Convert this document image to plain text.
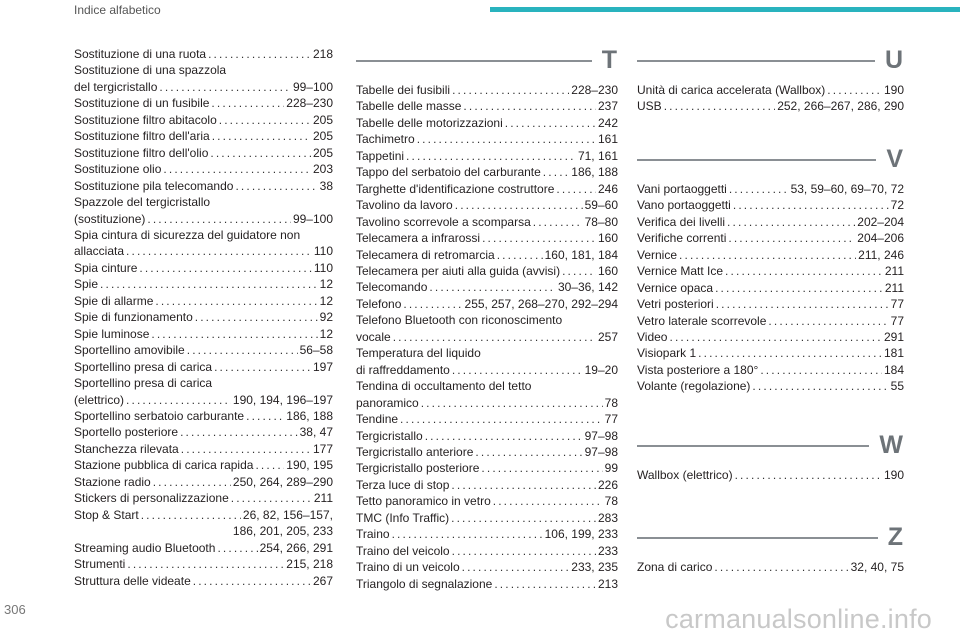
Indice alfabetico
Sostituzione di una ruota . . .	218
Sostituzione di una spazzola
del tergicristallo . . .	99–100
Sostituzione di un fusibile . . .	228–230
Sostituzione filtro abitacolo . . .	205
Sostituzione filtro dell'aria . . .	205
Sostituzione filtro dell'olio . . .	205
Sostituzione olio . . .	203
Sostituzione pila telecomando . . .	38
Spazzole del tergicristallo
(sostituzione) . . .	99–100
Spia cintura di sicurezza del guidatore non
allacciata . . .	110
Spia cinture . . .	110
Spie . . .	12
Spie di allarme . . .	12
Spie di funzionamento . . .	92
Spie luminose . . .	12
Sportellino amovibile . . .	56–58
Sportellino presa di carica . . .	197
Sportellino presa di carica
(elettrico) . . .	190, 194, 196–197
Sportellino serbatoio carburante . . .	186, 188
Sportello posteriore . . .	38, 47
Stanchezza rilevata . . .	177
Stazione pubblica di carica rapida . . .	190, 195
Stazione radio . . .	250, 264, 289–290
Stickers di personalizzazione . . .	211
Stop & Start . . .	26, 82, 156–157,
186, 201, 205, 233
Streaming audio Bluetooth . . .	254, 266, 291
Strumenti . . .	215, 218
Struttura delle videate . . .	267
T
Tabelle dei fusibili . . .	228–230
Tabelle delle masse . . .	237
Tabelle delle motorizzazioni . . .	242
Tachimetro . . .	161
Tappetini . . .	71, 161
Tappo del serbatoio del carburante . . .	186, 188
Targhette d'identificazione costruttore . . .	246
Tavolino da lavoro . . .	59–60
Tavolino scorrevole a scomparsa . . .	78–80
Telecamera a infrarossi . . .	160
Telecamera di retromarcia . . .	160, 181, 184
Telecamera per aiuti alla guida (avvisi) . . .	160
Telecomando . . .	30–36, 142
Telefono . . .	255, 257, 268–270, 292–294
Telefono Bluetooth con riconoscimento
vocale . . .	257
Temperatura del liquido
di raffreddamento . . .	19–20
Tendina di occultamento del tetto
panoramico . . .	78
Tendine . . .	77
Tergicristallo . . .	97–98
Tergicristallo anteriore . . .	97–98
Tergicristallo posteriore . . .	99
Terza luce di stop . . .	226
Tetto panoramico in vetro . . .	78
TMC (Info Traffic) . . .	283
Traino . . .	106, 199, 233
Traino del veicolo . . .	233
Traino di un veicolo . . .	233, 235
Triangolo di segnalazione . . .	213
U
Unità di carica accelerata (Wallbox) . . .	190
USB . . .	252, 266–267, 286, 290
V
Vani portaoggetti . . .	53, 59–60, 69–70, 72
Vano portaoggetti . . .	72
Verifica dei livelli . . .	202–204
Verifiche correnti . . .	204–206
Vernice . . .	211, 246
Vernice Matt Ice . . .	211
Vernice opaca . . .	211
Vetri posteriori . . .	77
Vetro laterale scorrevole . . .	77
Video . . .	291
Visiopark 1 . . .	181
Vista posteriore a 180° . . .	184
Volante (regolazione) . . .	55
W
Wallbox (elettrico) . . .	190
Z
Zona di carico . . .	32, 40, 75
306	carmanualsonline.info
